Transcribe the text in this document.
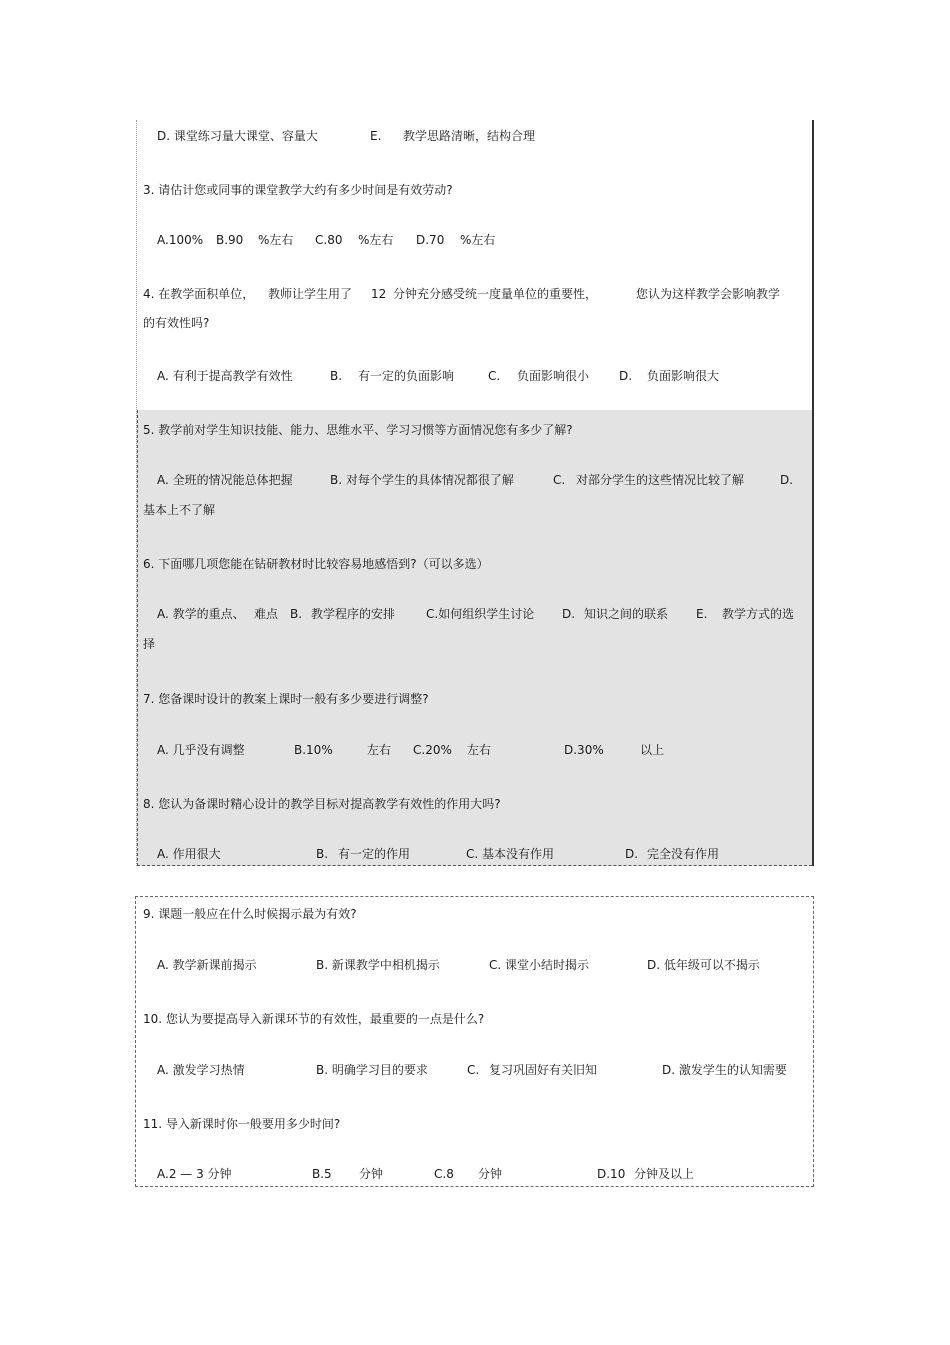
D. 课堂练习量大课堂、容量大	E. 教学思路清晰，结构合理
3. 请估计您或同事的课堂教学大约有多少时间是有效劳动?
A.100% B.90 %左右 C.80 %左右 D.70 %左右
4. 在教学面积单位， 教师让学生用了 12 分钟充分感受统一度量单位的重要性，	您认为这样教学会影响教学
的有效性吗?
A. 有利于提高教学有效性	B. 有一定的负面影响	C. 负面影响很小 D. 负面影响很大
5. 教学前对学生知识技能、能力、思维水平、学习习惯等方面情况您有多少了解?
A. 全班的情况能总体把握	B. 对每个学生的具体情况都很了解	C. 对部分学生的这些情况比较了解	D.
基本上不了解
6. 下面哪几项您能在钻研教材时比较容易地感悟到?（可以多选）
A. 教学的重点、 难点 B. 教学程序的安排	C.如何组织学生讨论 D. 知识之间的联系 E. 教学方式的选
择
7. 您备课时设计的教案上课时一般有多少要进行调整?
A. 几乎没有调整	B.10%	左右 C.20% 左右	D.30%	以上
8. 您认为备课时精心设计的教学目标对提高教学有效性的作用大吗?
A. 作用很大	B. 有一定的作用	C. 基本没有作用	D. 完全没有作用
9. 课题一般应在什么时候揭示最为有效?
A. 教学新课前揭示	B. 新课教学中相机揭示	C. 课堂小结时揭示	D. 低年级可以不揭示
10. 您认为要提高导入新课环节的有效性，最重要的一点是什么?
A. 激发学习热情	B. 明确学习目的要求	C. 复习巩固好有关旧知	D. 激发学生的认知需要
11. 导入新课时你一般要用多少时间?
A.2 — 3 分钟	B.5 分钟	C.8 分钟	D.10 分钟及以上
